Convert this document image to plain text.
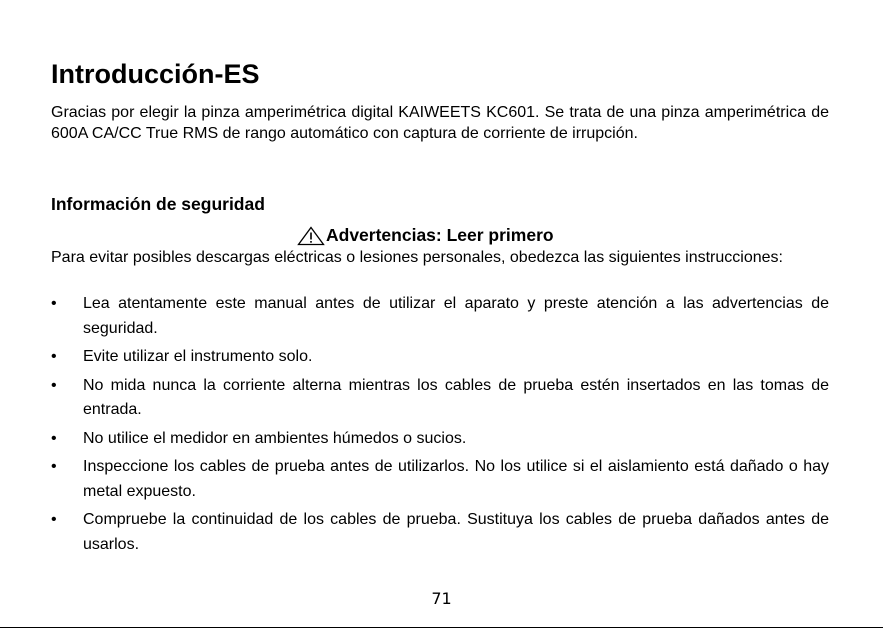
Introducción-ES

Gracias por elegir la pinza amperimétrica digital KAIWEETS KC601. Se trata de una pinza amperimétrica de 600A CA/CC True RMS de rango automático con captura de corriente de irrupción.

Información de seguridad
Advertencias: Leer primero

Para evitar posibles descargas eléctricas o lesiones personales, obedezca las siguientes instrucciones:

•	Lea atentamente este manual antes de utilizar el aparato y preste atención a las advertencias de seguridad.
•	Evite utilizar el instrumento solo.
•	No mida nunca la corriente alterna mientras los cables de prueba estén insertados en las tomas de entrada.
•	No utilice el medidor en ambientes húmedos o sucios.
•	Inspeccione los cables de prueba antes de utilizarlos. No los utilice si el aislamiento está dañado o hay metal expuesto.
•	Compruebe la continuidad de los cables de prueba. Sustituya los cables de prueba dañados antes de usarlos.
71
